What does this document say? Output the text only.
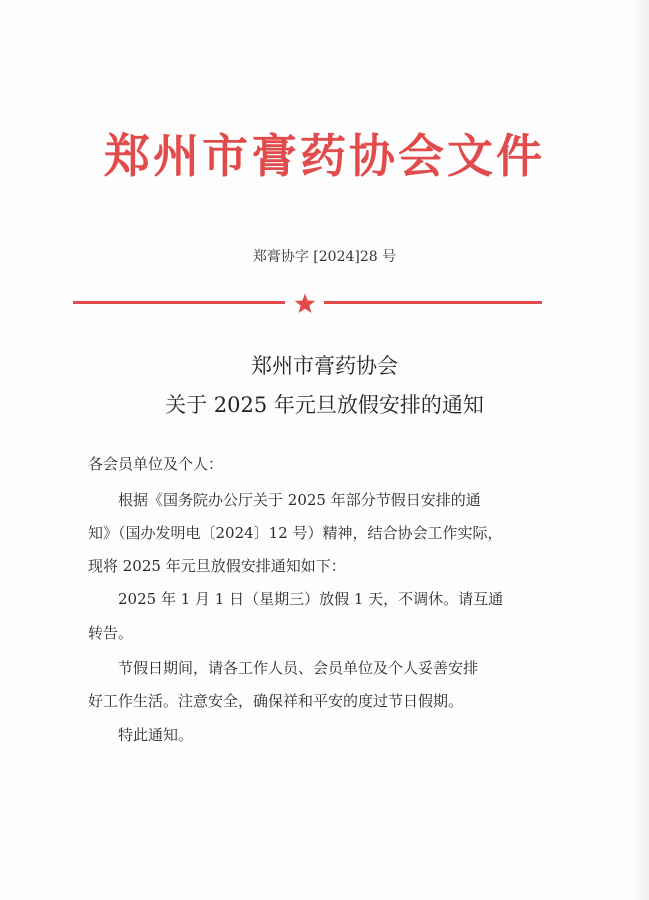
郑州市膏药协会文件
郑膏协字 [2024]28 号
郑州市膏药协会
关于 2025 年元旦放假安排的通知
各会员单位及个人：
根据《国务院办公厅关于 2025 年部分节假日安排的通
知》（国办发明电〔2024〕12 号）精神，结合协会工作实际，
现将 2025 年元旦放假安排通知如下：
2025 年 1 月 1 日（星期三）放假 1 天，不调休。请互通
转告。
节假日期间，请各工作人员、会员单位及个人妥善安排
好工作生活。注意安全，确保祥和平安的度过节日假期。
特此通知。
